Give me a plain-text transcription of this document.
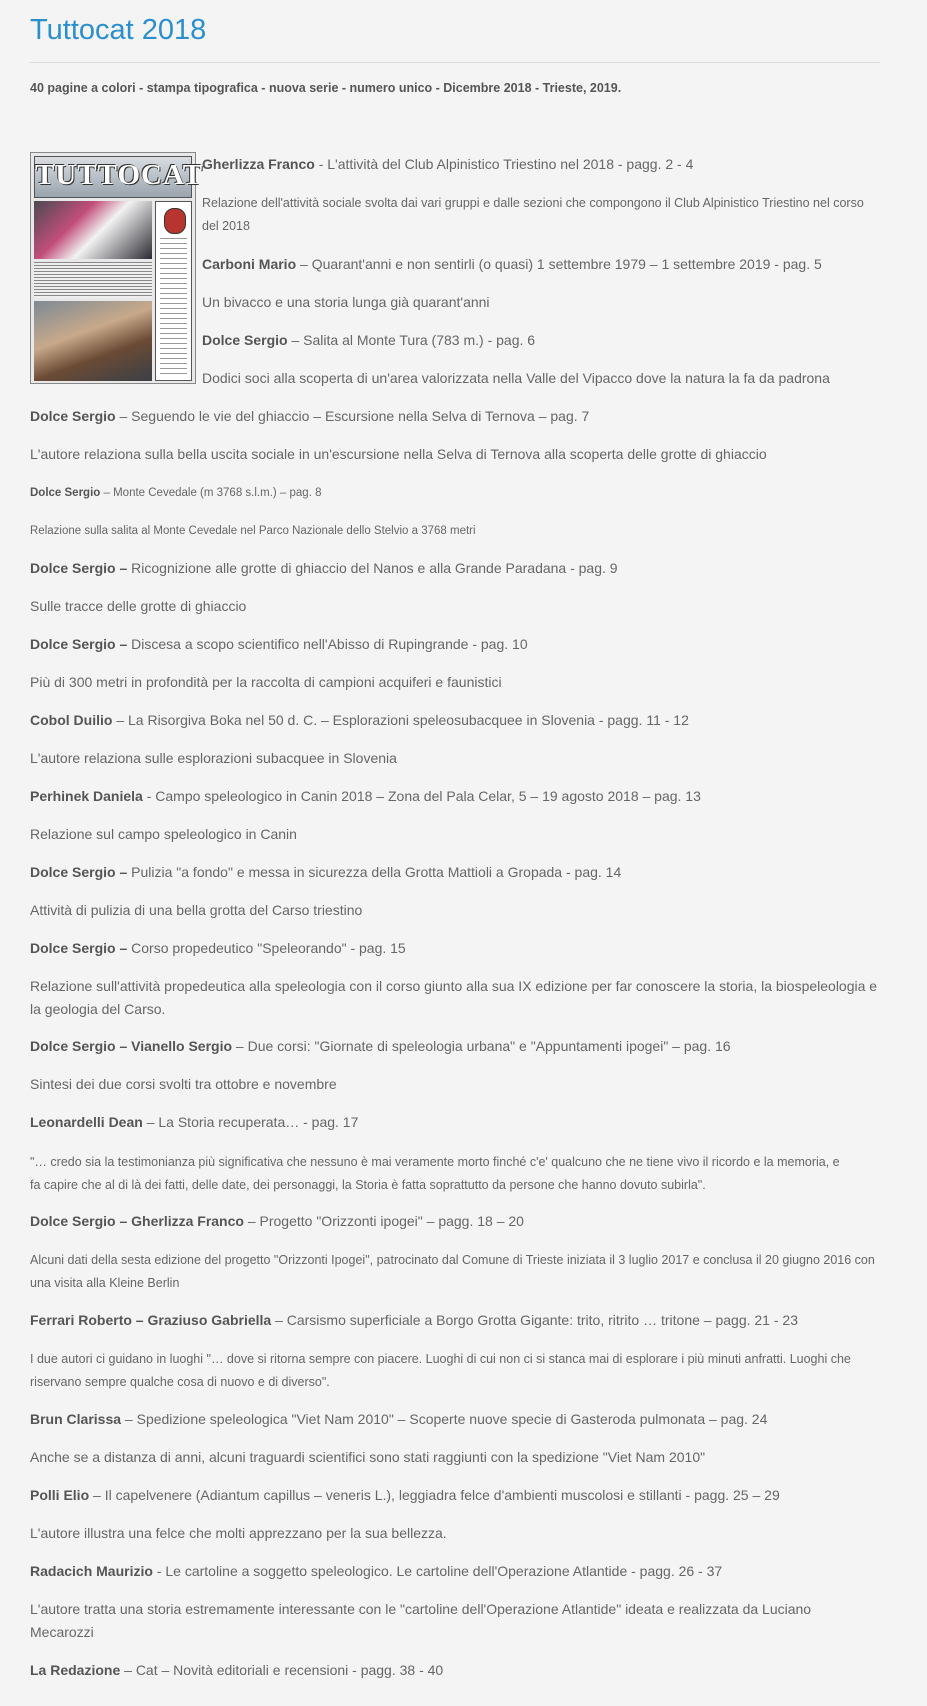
Tuttocat 2018
40 pagine a colori - stampa tipografica - nuova serie - numero unico - Dicembre 2018 - Trieste, 2019.
TUTTOCAT
Gherlizza Franco - L'attività del Club Alpinistico Triestino nel 2018 - pagg. 2 - 4
Relazione dell'attività sociale svolta dai vari gruppi e dalle sezioni che compongono il Club Alpinistico Triestino nel corso del 2018
Carboni Mario – Quarant'anni e non sentirli (o quasi) 1 settembre 1979 – 1 settembre 2019 - pag. 5
Un bivacco e una storia lunga già quarant'anni
Dolce Sergio – Salita al Monte Tura (783 m.) - pag. 6
Dodici soci alla scoperta di un'area valorizzata nella Valle del Vipacco dove la natura la fa da padrona
Dolce Sergio – Seguendo le vie del ghiaccio – Escursione nella Selva di Ternova – pag. 7
L'autore relaziona sulla bella uscita sociale in un'escursione nella Selva di Ternova alla scoperta delle grotte di ghiaccio
Dolce Sergio – Monte Cevedale (m 3768 s.l.m.) – pag. 8
Relazione sulla salita al Monte Cevedale nel Parco Nazionale dello Stelvio a 3768 metri
Dolce Sergio – Ricognizione alle grotte di ghiaccio del Nanos e alla Grande Paradana - pag. 9
Sulle tracce delle grotte di ghiaccio
Dolce Sergio – Discesa a scopo scientifico nell'Abisso di Rupingrande - pag. 10
Più di 300 metri in profondità per la raccolta di campioni acquiferi e faunistici
Cobol Duilio – La Risorgiva Boka nel 50 d. C. – Esplorazioni speleosubacquee in Slovenia - pagg. 11 - 12
L'autore relaziona sulle esplorazioni subacquee in Slovenia
Perhinek Daniela - Campo speleologico in Canin 2018 – Zona del Pala Celar, 5 – 19 agosto 2018 – pag. 13
Relazione sul campo speleologico in Canin
Dolce Sergio – Pulizia "a fondo" e messa in sicurezza della Grotta Mattioli a Gropada - pag. 14
Attività di pulizia di una bella grotta del Carso triestino
Dolce Sergio – Corso propedeutico "Speleorando" - pag. 15
Relazione sull'attività propedeutica alla speleologia con il corso giunto alla sua IX edizione per far conoscere la storia, la biospeleologia e la geologia del Carso.
Dolce Sergio – Vianello Sergio – Due corsi: "Giornate di speleologia urbana" e "Appuntamenti ipogei" – pag. 16
Sintesi dei due corsi svolti tra ottobre e novembre
Leonardelli Dean – La Storia recuperata… - pag. 17
"… credo sia la testimonianza più significativa che nessuno è mai veramente morto finché c'e' qualcuno che ne tiene vivo il ricordo e la memoria, e fa capire che al di là dei fatti, delle date, dei personaggi, la Storia è fatta soprattutto da persone che hanno dovuto subirla".
Dolce Sergio – Gherlizza Franco – Progetto "Orizzonti ipogei" – pagg. 18 – 20
Alcuni dati della sesta edizione del progetto "Orizzonti Ipogei", patrocinato dal Comune di Trieste iniziata il 3 luglio 2017 e conclusa il 20 giugno 2016 con una visita alla Kleine Berlin
Ferrari Roberto – Graziuso Gabriella – Carsismo superficiale a Borgo Grotta Gigante: trito, ritrito … tritone – pagg. 21 - 23
I due autori ci guidano in luoghi "… dove si ritorna sempre con piacere. Luoghi di cui non ci si stanca mai di esplorare i più minuti anfratti. Luoghi che riservano sempre qualche cosa di nuovo e di diverso".
Brun Clarissa – Spedizione speleologica "Viet Nam 2010" – Scoperte nuove specie di Gasteroda pulmonata – pag. 24
Anche se a distanza di anni, alcuni traguardi scientifici sono stati raggiunti con la spedizione "Viet Nam 2010"
Polli Elio – Il capelvenere (Adiantum capillus – veneris L.), leggiadra felce d'ambienti muscolosi e stillanti - pagg. 25 – 29
L'autore illustra una felce che molti apprezzano per la sua bellezza.
Radacich Maurizio - Le cartoline a soggetto speleologico. Le cartoline dell'Operazione Atlantide - pagg. 26 - 37
L'autore tratta una storia estremamente interessante con le "cartoline dell'Operazione Atlantide" ideata e realizzata da Luciano Mecarozzi
La Redazione – Cat – Novità editoriali e recensioni - pagg. 38 - 40
